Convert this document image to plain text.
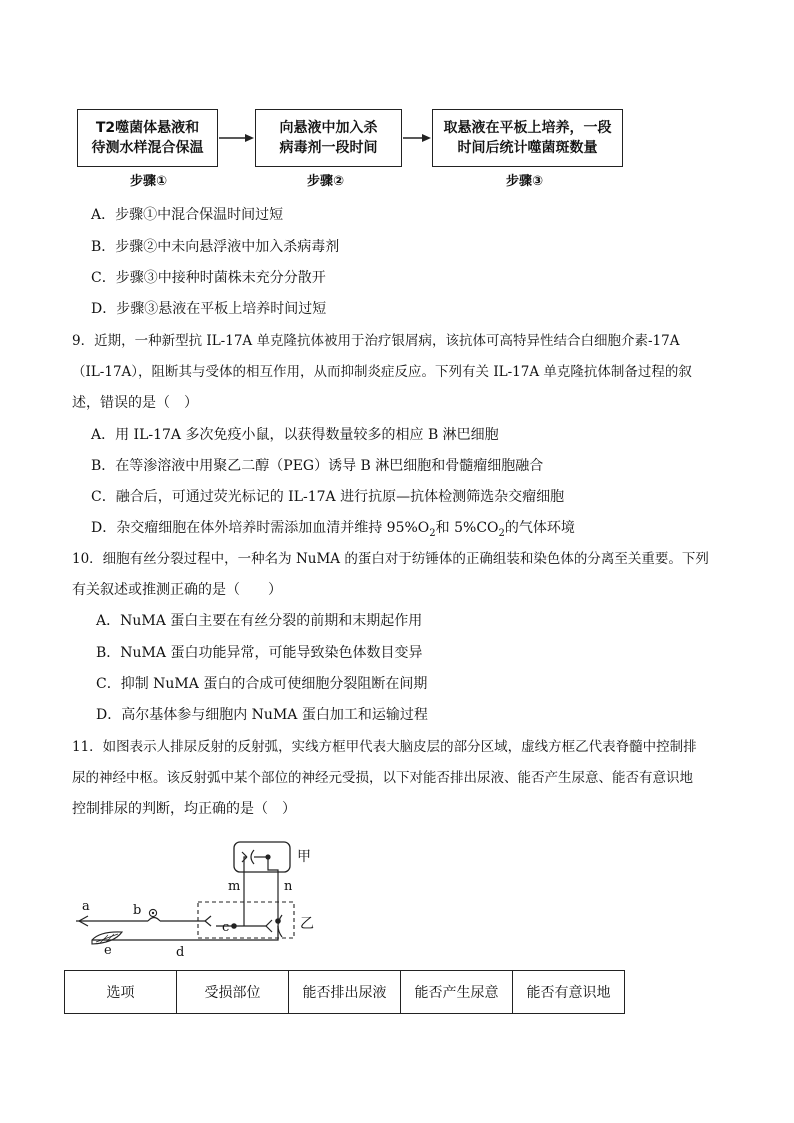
T2噬菌体悬液和
待测水样混合保温
向悬液中加入杀
病毒剂一段时间
取悬液在平板上培养，一段
时间后统计噬菌斑数量
步骤①	步骤②	步骤③
A．步骤①中混合保温时间过短
B．步骤②中未向悬浮液中加入杀病毒剂
C．步骤③中接种时菌株未充分分散开
D．步骤③悬液在平板上培养时间过短
9．近期，一种新型抗 IL-17A 单克隆抗体被用于治疗银屑病，该抗体可高特异性结合白细胞介素-17A
（IL-17A），阻断其与受体的相互作用，从而抑制炎症反应。下列有关 IL-17A 单克隆抗体制备过程的叙
述，错误的是（　）
A．用 IL-17A 多次免疫小鼠，以获得数量较多的相应 B 淋巴细胞
B．在等渗溶液中用聚乙二醇（PEG）诱导 B 淋巴细胞和骨髓瘤细胞融合
C．融合后，可通过荧光标记的 IL-17A 进行抗原—抗体检测筛选杂交瘤细胞
D．杂交瘤细胞在体外培养时需添加血清并维持 $95\%O_2$和 $5\%CO_2$的气体环境
10．细胞有丝分裂过程中，一种名为 NuMA 的蛋白对于纺锤体的正确组装和染色体的分离至关重要。下列
有关叙述或推测正确的是（　　）
A．NuMA 蛋白主要在有丝分裂的前期和末期起作用
B．NuMA 蛋白功能异常，可能导致染色体数目变异
C．抑制 NuMA 蛋白的合成可使细胞分裂阻断在间期
D．高尔基体参与细胞内 NuMA 蛋白加工和运输过程
11．如图表示人排尿反射的反射弧，实线方框甲代表大脑皮层的部分区域，虚线方框乙代表脊髓中控制排
尿的神经中枢。该反射弧中某个部位的神经元受损，以下对能否排出尿液、能否产生尿意、能否有意识地
控制排尿的判断，均正确的是（　）
甲
乙
m	n
a	b
c
d
e
选项	受损部位	能否排出尿液	能否产生尿意	能否有意识地
